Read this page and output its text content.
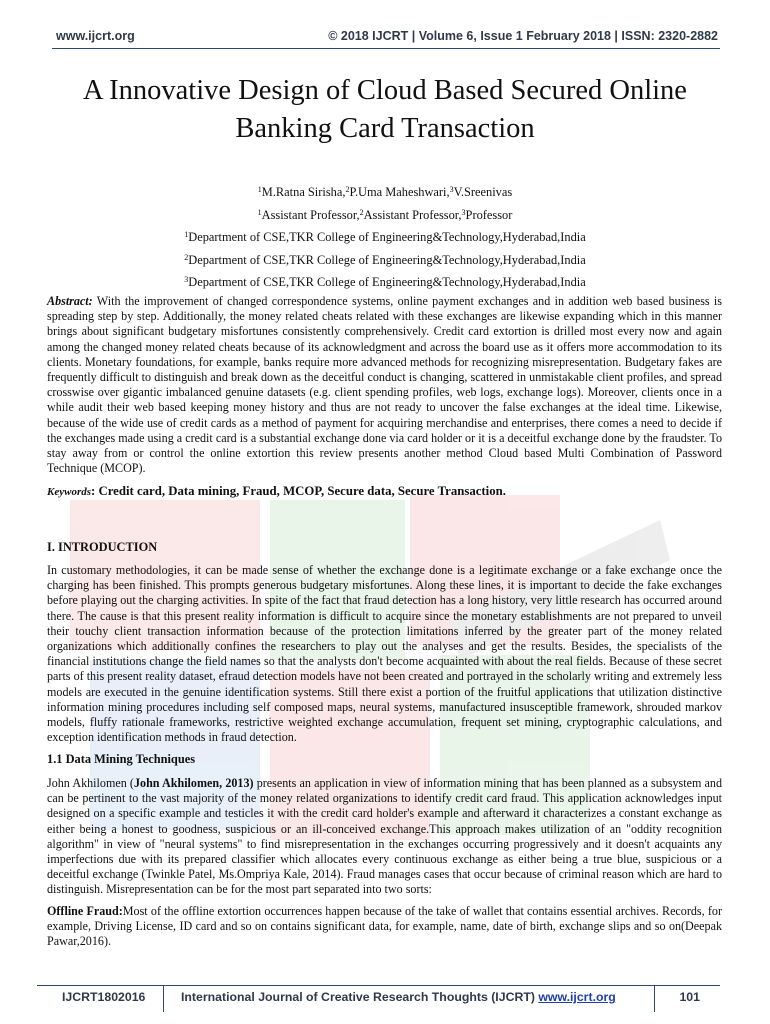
www.ijcrt.org	© 2018 IJCRT | Volume 6, Issue 1 February 2018 | ISSN: 2320-2882
A Innovative Design of Cloud Based Secured Online
Banking Card Transaction
$^1$M.Ratna Sirisha,$^2$P.Uma Maheshwari,$^3$V.Sreenivas
$^1$Assistant Professor,$^2$Assistant Professor,$^3$Professor
$^1$Department of CSE,TKR College of Engineering&Technology,Hyderabad,India
$^2$Department of CSE,TKR College of Engineering&Technology,Hyderabad,India
$^3$Department of CSE,TKR College of Engineering&Technology,Hyderabad,India
Abstract: With the improvement of changed correspondence systems, online payment exchanges and in addition web based business is spreading step by step. Additionally, the money related cheats related with these exchanges are likewise expanding which in this manner brings about significant budgetary misfortunes consistently comprehensively. Credit card extortion is drilled most every now and again among the changed money related cheats because of its acknowledgment and across the board use as it offers more accommodation to its clients. Monetary foundations, for example, banks require more advanced methods for recognizing misrepresentation. Budgetary fakes are frequently difficult to distinguish and break down as the deceitful conduct is changing, scattered in unmistakable client profiles, and spread crosswise over gigantic imbalanced genuine datasets (e.g. client spending profiles, web logs, exchange logs). Moreover, clients once in a while audit their web based keeping money history and thus are not ready to uncover the false exchanges at the ideal time. Likewise, because of the wide use of credit cards as a method of payment for acquiring merchandise and enterprises, there comes a need to decide if the exchanges made using a credit card is a substantial exchange done via card holder or it is a deceitful exchange done by the fraudster. To stay away from or control the online extortion this review presents another method Cloud based Multi Combination of Password Technique (MCOP).
Keywords: Credit card, Data mining, Fraud, MCOP, Secure data, Secure Transaction.
I. INTRODUCTION
In customary methodologies, it can be made sense of whether the exchange done is a legitimate exchange or a fake exchange once the charging has been finished. This prompts generous budgetary misfortunes. Along these lines, it is important to decide the fake exchanges before playing out the charging activities. In spite of the fact that fraud detection has a long history, very little research has occurred around there. The cause is that this present reality information is difficult to acquire since the monetary establishments are not prepared to unveil their touchy client transaction information because of the protection limitations inferred by the greater part of the money related organizations which additionally confines the researchers to play out the analyses and get the results. Besides, the specialists of the financial institutions change the field names so that the analysts don't become acquainted with about the real fields. Because of these secret parts of this present reality dataset, efraud detection models have not been created and portrayed in the scholarly writing and extremely less models are executed in the genuine identification systems. Still there exist a portion of the fruitful applications that utilization distinctive information mining procedures including self composed maps, neural systems, manufactured insusceptible framework, shrouded markov models, fluffy rationale frameworks, restrictive weighted exchange accumulation, frequent set mining, cryptographic calculations, and exception identification methods in fraud detection.
1.1 Data Mining Techniques
John Akhilomen (John Akhilomen, 2013) presents an application in view of information mining that has been planned as a subsystem and can be pertinent to the vast majority of the money related organizations to identify credit card fraud. This application acknowledges input designed on a specific example and testicles it with the credit card holder's example and afterward it characterizes a constant exchange as either being a honest to goodness, suspicious or an ill-conceived exchange.This approach makes utilization of an "oddity recognition algorithm" in view of "neural systems" to find misrepresentation in the exchanges occurring progressively and it doesn't acquaints any imperfections due with its prepared classifier which allocates every continuous exchange as either being a true blue, suspicious or a deceitful exchange (Twinkle Patel, Ms.Ompriya Kale, 2014). Fraud manages cases that occur because of criminal reason which are hard to distinguish. Misrepresentation can be for the most part separated into two sorts:
Offline Fraud:Most of the offline extortion occurrences happen because of the take of wallet that contains essential archives. Records, for example, Driving License, ID card and so on contains significant data, for example, name, date of birth, exchange slips and so on(Deepak Pawar,2016).
IJCRT1802016	International Journal of Creative Research Thoughts (IJCRT) www.ijcrt.org	101
